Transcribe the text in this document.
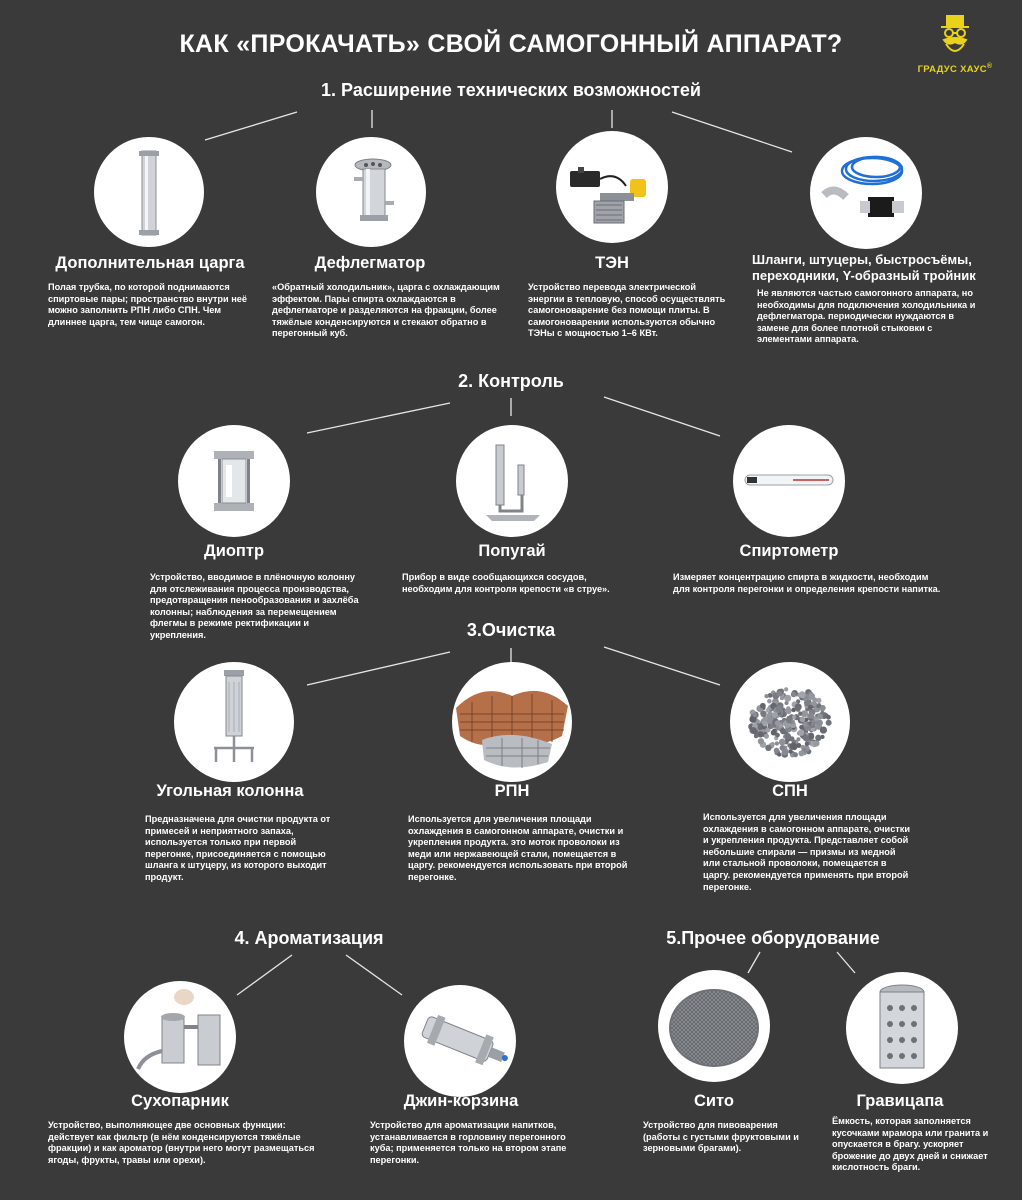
КАК «ПРОКАЧАТЬ» СВОЙ САМОГОННЫЙ АППАРАТ?
ГРАДУС ХАУС®
1. Расширение технических возможностей
Дополнительная царга
Полая трубка, по которой поднимаются спиртовые пары; пространство внутри неё можно заполнить РПН либо СПН. Чем длиннее царга, тем чище самогон.
Дефлегматор
«Обратный холодильник», царга с охлаждающим эффектом. Пары спирта охлаждаются в дефлегматоре и разделяются на фракции, более тяжёлые конденсируются и стекают обратно в перегонный куб.
ТЭН
Устройство перевода электрической энергии в тепловую, способ осуществлять самогоноварение без помощи плиты. В самогоноварении используются обычно ТЭНы с мощностью 1–6 КВт.
Шланги, штуцеры, быстросъёмы, переходники, Y-образный тройник
Не являются частью самогонного аппарата, но необходимы для подключения холодильника и дефлегматора. периодически нуждаются в замене для более плотной стыковки с элементами аппарата.
2. Контроль
Диоптр
Устройство, вводимое в плёночную колонну для отслеживания процесса производства, предотвращения пенообразования и захлёба колонны; наблюдения за перемещением флегмы в режиме ректификации и укрепления.
Попугай
Прибор в виде сообщающихся сосудов, необходим для контроля крепости «в струе».
Спиртометр
Измеряет концентрацию спирта в жидкости, необходим для контроля перегонки и определения крепости напитка.
3.Очистка
Угольная колонна
Предназначена для очистки продукта от примесей и неприятного запаха, используется только при первой перегонке, присоединяется с помощью шланга к штуцеру, из которого выходит продукт.
РПН
Используется для увеличения площади охлаждения в самогонном аппарате, очистки и укрепления продукта. это моток проволоки из меди или нержавеющей стали, помещается в царгу. рекомендуется использовать при второй перегонке.
СПН
Используется для увеличения площади охлаждения в самогонном аппарате, очистки и укрепления продукта. Представляет собой небольшие спирали — призмы из медной или стальной проволоки, помещается в царгу. рекомендуется применять при второй перегонке.
4. Ароматизация
Сухопарник
Устройство, выполняющее две основных функции: действует как фильтр (в нём конденсируются тяжёлые фракции) и как ароматор (внутри него могут размещаться ягоды, фрукты, травы или орехи).
Джин-корзина
Устройство для ароматизации напитков, устанавливается в горловину перегонного куба; применяется только на втором этапе перегонки.
5.Прочее оборудование
Сито
Устройство для пивоварения (работы с густыми фруктовыми и зерновыми брагами).
Гравицапа
Ёмкость, которая заполняется кусочками мрамора или гранита и опускается в брагу. ускоряет брожение до двух дней и снижает кислотность браги.
